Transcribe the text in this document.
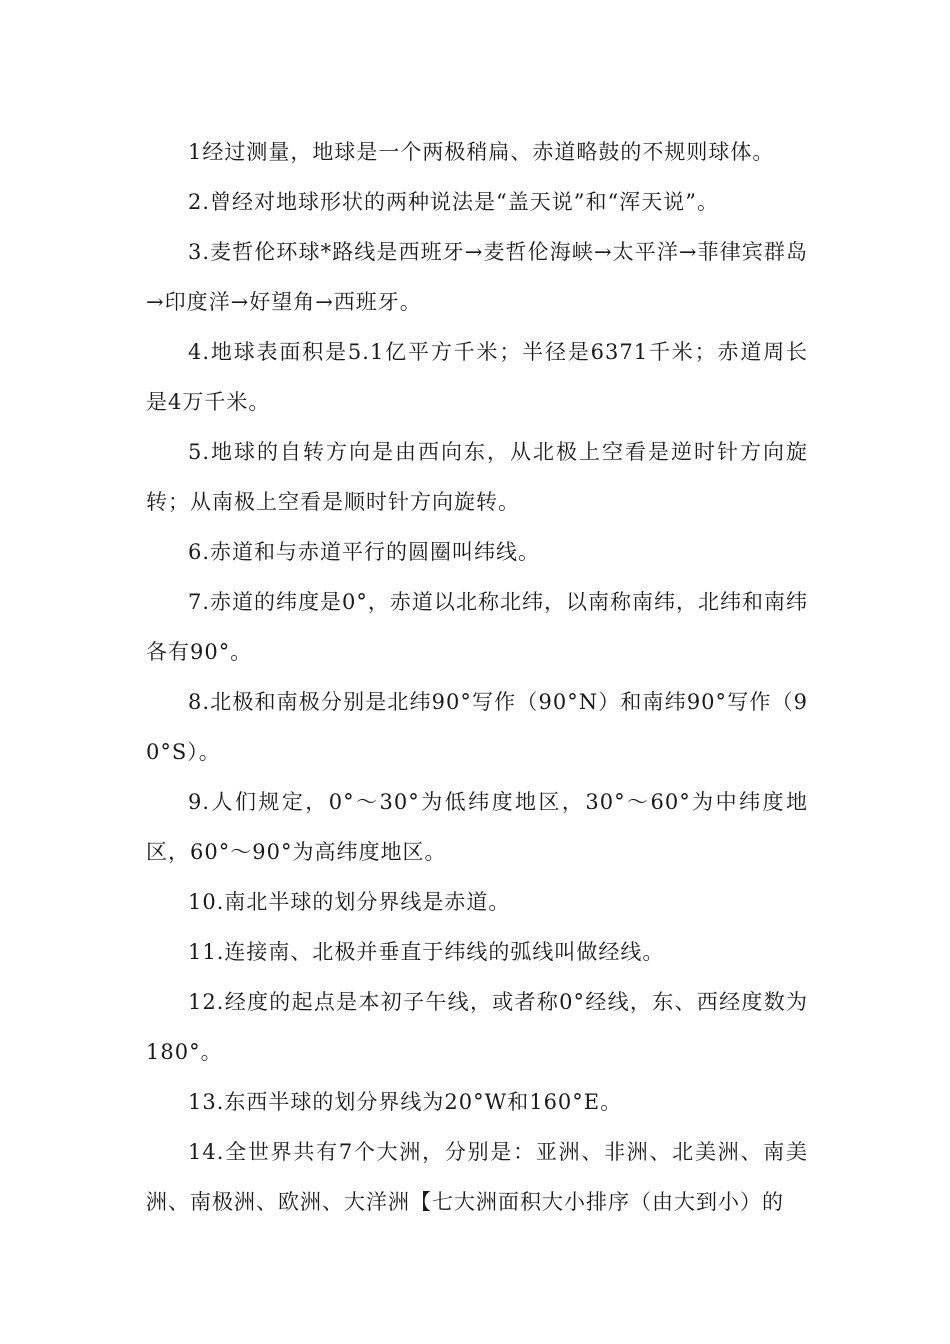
1经过测量，地球是一个两极稍扁、赤道略鼓的不规则球体。

2.曾经对地球形状的两种说法是“盖天说”和“浑天说”。

3.麦哲伦环球*路线是西班牙→麦哲伦海峡→太平洋→菲律宾群岛→印度洋→好望角→西班牙。

4.地球表面积是5.1亿平方千米；半径是6371千米；赤道周长是4万千米。

5.地球的自转方向是由西向东，从北极上空看是逆时针方向旋转；从南极上空看是顺时针方向旋转。

6.赤道和与赤道平行的圆圈叫纬线。

7.赤道的纬度是0°，赤道以北称北纬，以南称南纬，北纬和南纬各有90°。

8.北极和南极分别是北纬90°写作（90°N）和南纬90°写作（90°S）。

9.人们规定，0°～30°为低纬度地区，30°～60°为中纬度地区，60°～90°为高纬度地区。

10.南北半球的划分界线是赤道。

11.连接南、北极并垂直于纬线的弧线叫做经线。

12.经度的起点是本初子午线，或者称0°经线，东、西经度数为180°。

13.东西半球的划分界线为20°W和160°E。

14.全世界共有7个大洲，分别是：亚洲、非洲、北美洲、南美洲、南极洲、欧洲、大洋洲【七大洲面积大小排序（由大到小）的
